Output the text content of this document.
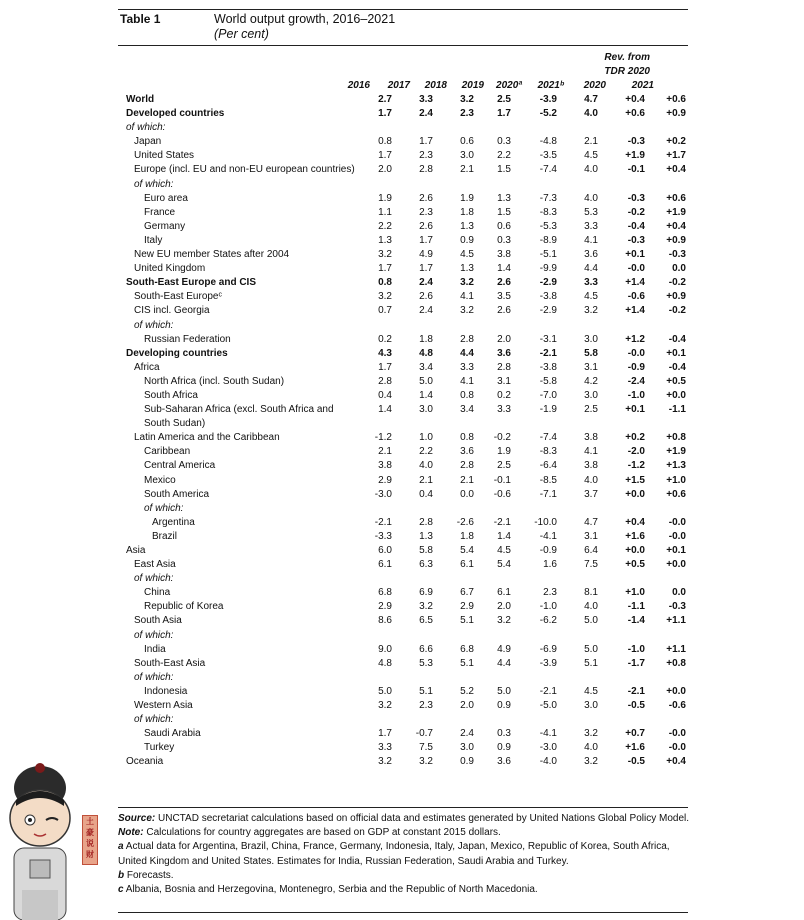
Table 1	World output growth, 2016–2021
(Per cent)
Rev. from
TDR 2020
2016	2017	2018	2019	2020ª	2021ᵇ	2020	2021
World	2.7	3.3	3.2	2.5	-3.9	4.7	+0.4	+0.6
Developed countries	1.7	2.4	2.3	1.7	-5.2	4.0	+0.6	+0.9
of which:								
Japan	0.8	1.7	0.6	0.3	-4.8	2.1	-0.3	+0.2
United States	1.7	2.3	3.0	2.2	-3.5	4.5	+1.9	+1.7
Europe (incl. EU and non-EU european countries)	2.0	2.8	2.1	1.5	-7.4	4.0	-0.1	+0.4
of which:								
Euro area	1.9	2.6	1.9	1.3	-7.3	4.0	-0.3	+0.6
France	1.1	2.3	1.8	1.5	-8.3	5.3	-0.2	+1.9
Germany	2.2	2.6	1.3	0.6	-5.3	3.3	-0.4	+0.4
Italy	1.3	1.7	0.9	0.3	-8.9	4.1	-0.3	+0.9
New EU member States after 2004	3.2	4.9	4.5	3.8	-5.1	3.6	+0.1	-0.3
United Kingdom	1.7	1.7	1.3	1.4	-9.9	4.4	-0.0	0.0
South-East Europe and CIS	0.8	2.4	3.2	2.6	-2.9	3.3	+1.4	-0.2
South-East Europeᶜ	3.2	2.6	4.1	3.5	-3.8	4.5	-0.6	+0.9
CIS incl. Georgia	0.7	2.4	3.2	2.6	-2.9	3.2	+1.4	-0.2
of which:								
Russian Federation	0.2	1.8	2.8	2.0	-3.1	3.0	+1.2	-0.4
Developing countries	4.3	4.8	4.4	3.6	-2.1	5.8	-0.0	+0.1
Africa	1.7	3.4	3.3	2.8	-3.8	3.1	-0.9	-0.4
North Africa (incl. South Sudan)	2.8	5.0	4.1	3.1	-5.8	4.2	-2.4	+0.5
South Africa	0.4	1.4	0.8	0.2	-7.0	3.0	-1.0	+0.0
Sub-Saharan Africa (excl. South Africa and South Sudan)	1.4	3.0	3.4	3.3	-1.9	2.5	+0.1	-1.1
Latin America and the Caribbean	-1.2	1.0	0.8	-0.2	-7.4	3.8	+0.2	+0.8
Caribbean	2.1	2.2	3.6	1.9	-8.3	4.1	-2.0	+1.9
Central America	3.8	4.0	2.8	2.5	-6.4	3.8	-1.2	+1.3
Mexico	2.9	2.1	2.1	-0.1	-8.5	4.0	+1.5	+1.0
South America	-3.0	0.4	0.0	-0.6	-7.1	3.7	+0.0	+0.6
of which:								
Argentina	-2.1	2.8	-2.6	-2.1	-10.0	4.7	+0.4	-0.0
Brazil	-3.3	1.3	1.8	1.4	-4.1	3.1	+1.6	-0.0
Asia	6.0	5.8	5.4	4.5	-0.9	6.4	+0.0	+0.1
East Asia	6.1	6.3	6.1	5.4	1.6	7.5	+0.5	+0.0
of which:								
China	6.8	6.9	6.7	6.1	2.3	8.1	+1.0	0.0
Republic of Korea	2.9	3.2	2.9	2.0	-1.0	4.0	-1.1	-0.3
South Asia	8.6	6.5	5.1	3.2	-6.2	5.0	-1.4	+1.1
of which:								
India	9.0	6.6	6.8	4.9	-6.9	5.0	-1.0	+1.1
South-East Asia	4.8	5.3	5.1	4.4	-3.9	5.1	-1.7	+0.8
of which:								
Indonesia	5.0	5.1	5.2	5.0	-2.1	4.5	-2.1	+0.0
Western Asia	3.2	2.3	2.0	0.9	-5.0	3.0	-0.5	-0.6
of which:								
Saudi Arabia	1.7	-0.7	2.4	0.3	-4.1	3.2	+0.7	-0.0
Turkey	3.3	7.5	3.0	0.9	-3.0	4.0	+1.6	-0.0
Oceania	3.2	3.2	0.9	3.6	-4.0	3.2	-0.5	+0.4

Source: UNCTAD secretariat calculations based on official data and estimates generated by United Nations Global Policy Model.

Note: Calculations for country aggregates are based on GDP at constant 2015 dollars.

a Actual data for Argentina, Brazil, China, France, Germany, Indonesia, Italy, Japan, Mexico, Republic of Korea, South Africa, United Kingdom and United States. Estimates for India, Russian Federation, Saudi Arabia and Turkey.

b Forecasts.

c Albania, Bosnia and Herzegovina, Montenegro, Serbia and the Republic of North Macedonia.

土
豪
说
财
